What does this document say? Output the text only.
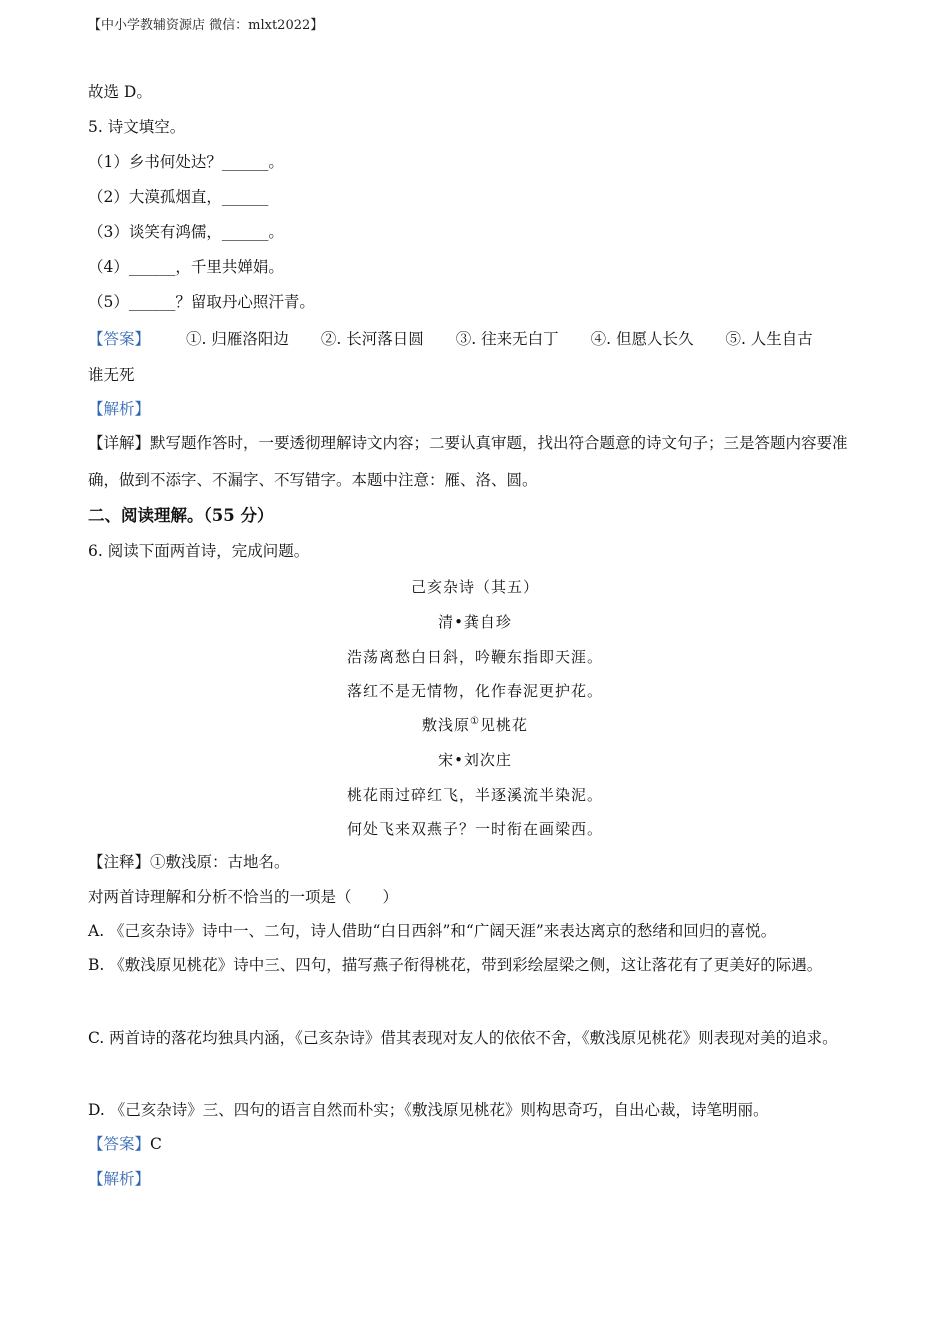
【中小学教辅资源店 微信：mlxt2022】
故选 D。
5. 诗文填空。
（1）乡书何处达？______。
（2）大漠孤烟直，______
（3）谈笑有鸿儒，______。
（4）______，千里共婵娟。
（5）______？留取丹心照汗青。
【答案】 ①. 归雁洛阳边 ②. 长河落日圆 ③. 往来无白丁 ④. 但愿人长久 ⑤. 人生自古
谁无死
【解析】
【详解】默写题作答时，一要透彻理解诗文内容；二要认真审题，找出符合题意的诗文句子；三是答题内容要准确，做到不添字、不漏字、不写错字。本题中注意：雁、洛、圆。
二、阅读理解。（55 分）
6. 阅读下面两首诗，完成问题。
己亥杂诗（其五）
清•龚自珍
浩荡离愁白日斜，吟鞭东指即天涯。
落红不是无情物，化作春泥更护花。
敷浅原①见桃花
宋•刘次庄
桃花雨过碎红飞，半逐溪流半染泥。
何处飞来双燕子？一时衔在画梁西。
【注释】①敷浅原：古地名。
对两首诗理解和分析不恰当的一项是（　　）
A. 《己亥杂诗》诗中一、二句，诗人借助“白日西斜”和“广阔天涯”来表达离京的愁绪和回归的喜悦。
B. 《敷浅原见桃花》诗中三、四句，描写燕子衔得桃花，带到彩绘屋梁之侧，这让落花有了更美好的际遇。
C. 两首诗的落花均独具内涵，《己亥杂诗》借其表现对友人的依依不舍，《敷浅原见桃花》则表现对美的追求。
D. 《己亥杂诗》三、四句的语言自然而朴实；《敷浅原见桃花》则构思奇巧，自出心裁，诗笔明丽。
【答案】C
【解析】
